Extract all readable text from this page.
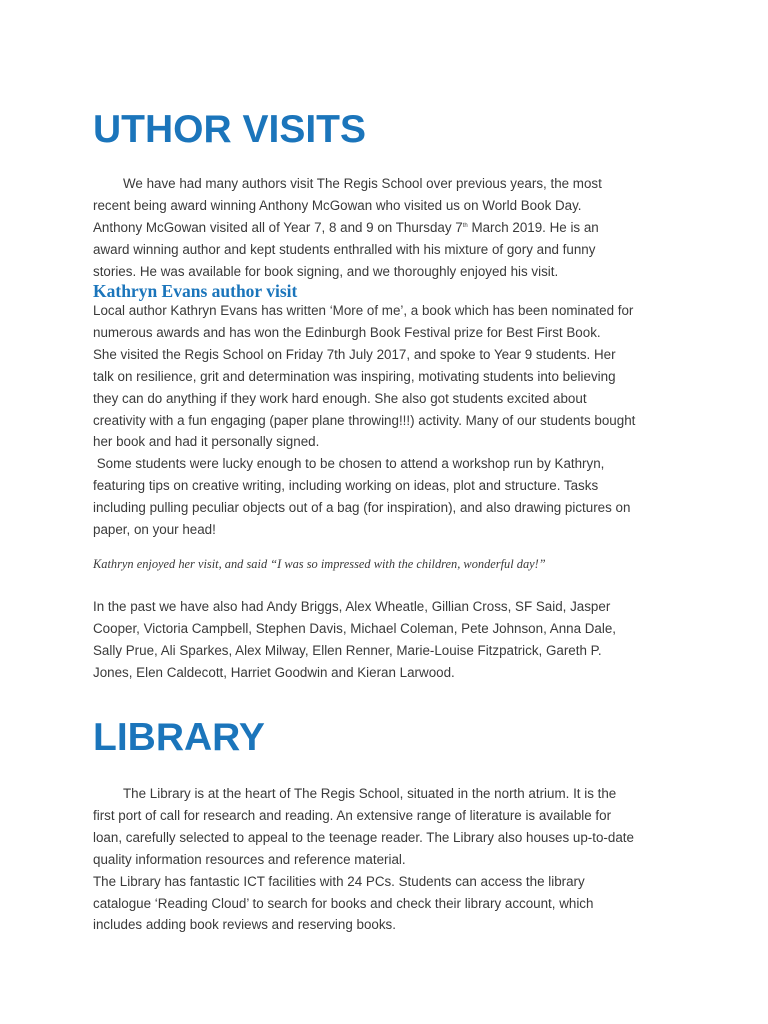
UTHOR VISITS

We have had many authors visit The Regis School over previous years, the most

recent being award winning Anthony McGowan who visited us on World Book Day.

Anthony McGowan visited all of Year 7, 8 and 9 on Thursday 7th March 2019. He is an

award winning author and kept students enthralled with his mixture of gory and funny

stories. He was available for book signing, and we thoroughly enjoyed his visit.

Kathryn Evans author visit

Local author Kathryn Evans has written ‘More of me’, a book which has been nominated for

numerous awards and has won the Edinburgh Book Festival prize for Best First Book.

She visited the Regis School on Friday 7th July 2017, and spoke to Year 9 students. Her

talk on resilience, grit and determination was inspiring, motivating students into believing

they can do anything if they work hard enough. She also got students excited about

creativity with a fun engaging (paper plane throwing!!!) activity. Many of our students bought

her book and had it personally signed.

Some students were lucky enough to be chosen to attend a workshop run by Kathryn,

featuring tips on creative writing, including working on ideas, plot and structure. Tasks

including pulling peculiar objects out of a bag (for inspiration), and also drawing pictures on

paper, on your head!

Kathryn enjoyed her visit, and said “I was so impressed with the children, wonderful day!”

In the past we have also had Andy Briggs, Alex Wheatle, Gillian Cross, SF Said, Jasper

Cooper, Victoria Campbell, Stephen Davis, Michael Coleman, Pete Johnson, Anna Dale,

Sally Prue, Ali Sparkes, Alex Milway, Ellen Renner, Marie-Louise Fitzpatrick, Gareth P.

Jones, Elen Caldecott, Harriet Goodwin and Kieran Larwood.

LIBRARY

The Library is at the heart of The Regis School, situated in the north atrium. It is the

first port of call for research and reading. An extensive range of literature is available for

loan, carefully selected to appeal to the teenage reader. The Library also houses up-to-date

quality information resources and reference material.

The Library has fantastic ICT facilities with 24 PCs. Students can access the library

catalogue ‘Reading Cloud’ to search for books and check their library account, which

includes adding book reviews and reserving books.
